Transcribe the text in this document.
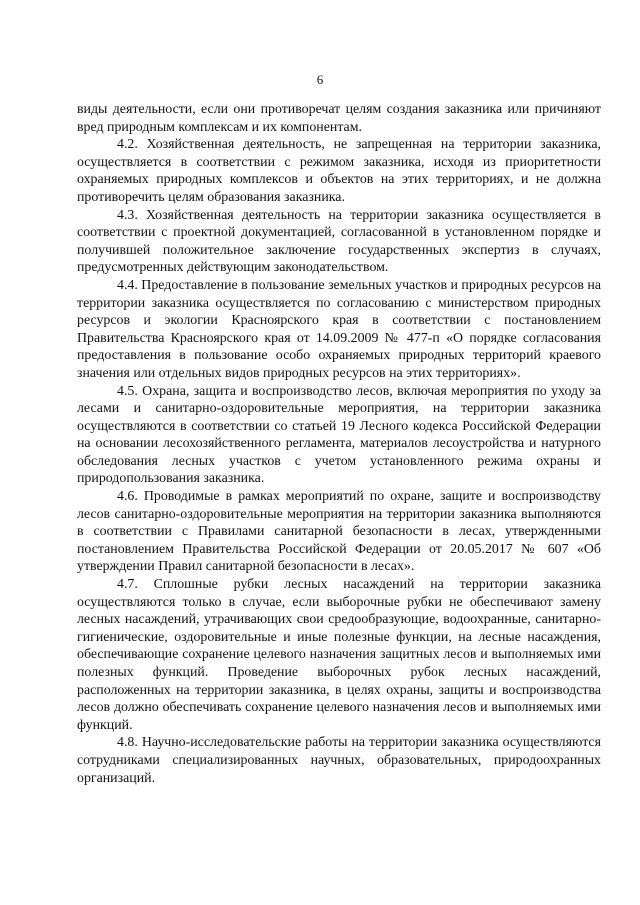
6

виды деятельности, если они противоречат целям создания заказника или причиняют вред природным комплексам и их компонентам.

4.2. Хозяйственная деятельность, не запрещенная на территории заказника, осуществляется в соответствии с режимом заказника, исходя из приоритетности охраняемых природных комплексов и объектов на этих территориях, и не должна противоречить целям образования заказника.

4.3. Хозяйственная деятельность на территории заказника осуществляется в соответствии с проектной документацией, согласованной в установленном порядке и получившей положительное заключение государственных экспертиз в случаях, предусмотренных действующим законодательством.

4.4. Предоставление в пользование земельных участков и природных ресурсов на территории заказника осуществляется по согласованию с министерством природных ресурсов и экологии Красноярского края в соответствии с постановлением Правительства Красноярского края от 14.09.2009 № 477-п «О порядке согласования предоставления в пользование особо охраняемых природных территорий краевого значения или отдельных видов природных ресурсов на этих территориях».

4.5. Охрана, защита и воспроизводство лесов, включая мероприятия по уходу за лесами и санитарно-оздоровительные мероприятия, на территории заказника осуществляются в соответствии со статьей 19 Лесного кодекса Российской Федерации на основании лесохозяйственного регламента, материалов лесоустройства и натурного обследования лесных участков с учетом установленного режима охраны и природопользования заказника.

4.6. Проводимые в рамках мероприятий по охране, защите и воспроизводству лесов санитарно-оздоровительные мероприятия на территории заказника выполняются в соответствии с Правилами санитарной безопасности в лесах, утвержденными постановлением Правительства Российской Федерации от 20.05.2017 № 607 «Об утверждении Правил санитарной безопасности в лесах».

4.7. Сплошные рубки лесных насаждений на территории заказника осуществляются только в случае, если выборочные рубки не обеспечивают замену лесных насаждений, утрачивающих свои средообразующие, водоохранные, санитарно-гигиенические, оздоровительные и иные полезные функции, на лесные насаждения, обеспечивающие сохранение целевого назначения защитных лесов и выполняемых ими полезных функций. Проведение выборочных рубок лесных насаждений, расположенных на территории заказника, в целях охраны, защиты и воспроизводства лесов должно обеспечивать сохранение целевого назначения лесов и выполняемых ими функций.

4.8. Научно-исследовательские работы на территории заказника осуществляются сотрудниками специализированных научных, образовательных, природоохранных организаций.
